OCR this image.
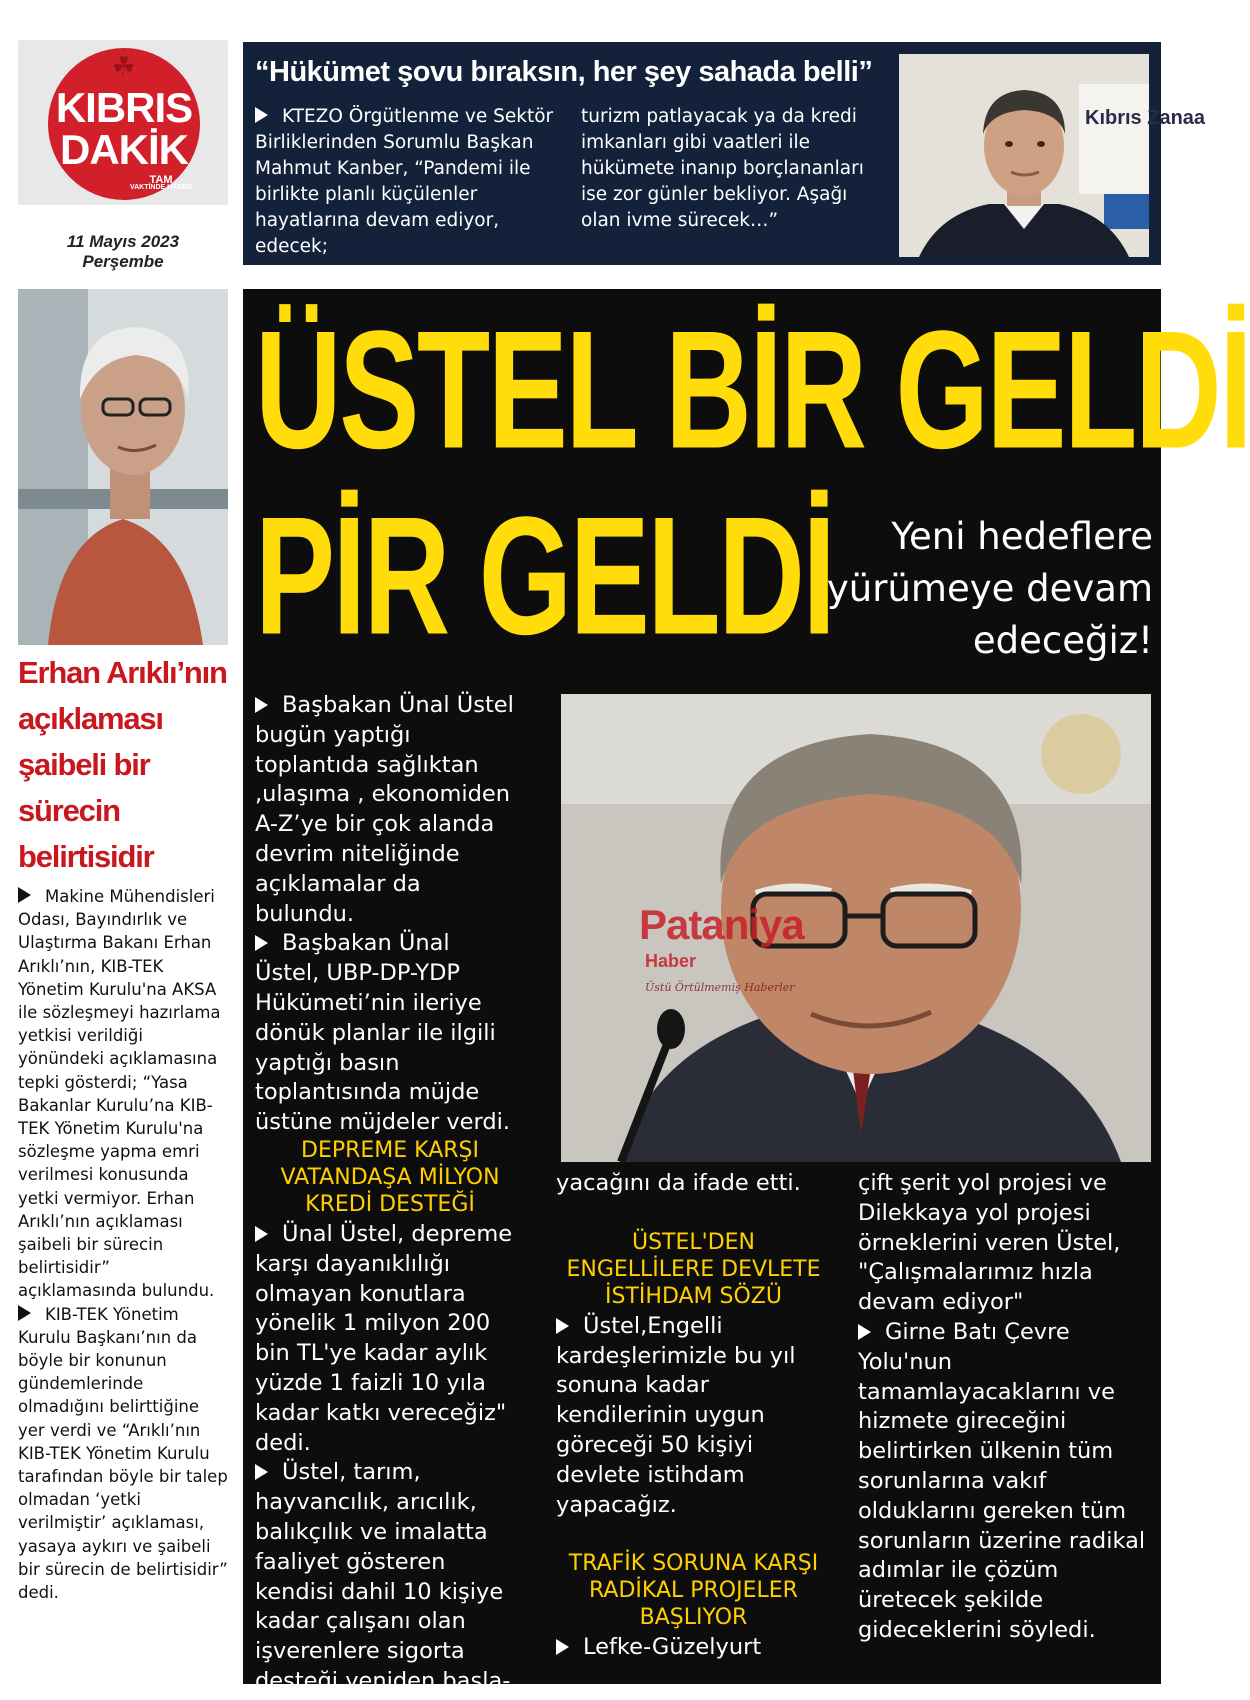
☘
KIBRIS
DAKİK
TAM
VAKTİNDE HABER
11 Mayıs 2023
Perşembe
“Hükümet şovu bıraksın, her şey sahada belli”
KTEZO Örgütlenme ve Sektör Birliklerinden Sorumlu Başkan Mahmut Kanber, “Pandemi ile birlikte planlı küçülenler hayatlarına devam ediyor, edecek;
turizm patlayacak ya da kredi imkanları gibi vaatleri ile hükümete inanıp borçlananları ise zor günler bekliyor. Aşağı olan ivme sürecek…”
Kıbrıs Zanaa
Erhan Arıklı’nın açıklaması şaibeli bir sürecin belirtisidir

Makine Mühendisleri Odası, Bayındırlık ve Ulaştırma Bakanı Erhan Arıklı’nın, KIB-TEK Yönetim Kurulu'na AKSA ile sözleşmeyi hazırlama yetkisi verildiği yönündeki açıklamasına tepki gösterdi; “Yasa Bakanlar Kurulu’na KIB-TEK Yönetim Kurulu'na sözleşme yapma emri verilmesi konusunda yetki vermiyor. Erhan Arıklı’nın açıklaması şaibeli bir sürecin belirtisidir” açıklamasında bulundu.

KIB-TEK Yönetim Kurulu Başkanı’nın da böyle bir konunun gündemlerinde olmadığını belirttiğine yer verdi ve “Arıklı’nın KIB-TEK Yönetim Kurulu tarafından böyle bir talep olmadan ‘yetki verilmiştir’ açıklaması, yasaya aykırı ve şaibeli bir sürecin de belirtisidir” dedi.

ÜSTEL BİR GELDİ
PİR GELDİ	Yeni hedeflere yürümeye devam edeceğiz!

Başbakan Ünal Üstel bugün yaptığı toplantıda sağlıktan ,ulaşıma , ekonomiden A-Z’ye bir çok alanda devrim niteliğinde açıklamalar da bulundu.

Başbakan Ünal Üstel, UBP-DP-YDP Hükümeti’nin ileriye dönük planlar ile ilgili yaptığı basın toplantısında müjde üstüne müjdeler verdi.

Pataniya
Haber
Üstü Örtülmemiş Haberler
DEPREME KARŞI VATANDAŞA MİLYON KREDİ DESTEĞİ

Ünal Üstel, depreme karşı dayanıklılığı olmayan konutlara yönelik 1 milyon 200 bin TL'ye kadar aylık yüzde 1 faizli 10 yıla kadar katkı vereceğiz" dedi.

Üstel, tarım, hayvancılık, arıcılık, balıkçılık ve imalatta faaliyet gösteren kendisi dahil 10 kişiye kadar çalışanı olan işverenlere sigorta desteği yeniden başla-

yacağını da ifade etti.

ÜSTEL'DEN ENGELLİLERE DEVLETE İSTİHDAM SÖZÜ

Üstel,Engelli kardeşlerimizle bu yıl sonuna kadar kendilerinin uygun göreceği 50 kişiyi devlete istihdam yapacağız.

TRAFİK SORUNA KARŞI RADİKAL PROJELER BAŞLIYOR

Lefke-Güzelyurt

çift şerit yol projesi ve Dilekkaya yol projesi örneklerini veren Üstel, "Çalışmalarımız hızla devam ediyor"

Girne Batı Çevre Yolu'nun tamamlayacaklarını ve hizmete gireceğini belirtirken ülkenin tüm sorunlarına vakıf olduklarını gereken tüm sorunların üzerine radikal adımlar ile çözüm üretecek şekilde gideceklerini söyledi.
